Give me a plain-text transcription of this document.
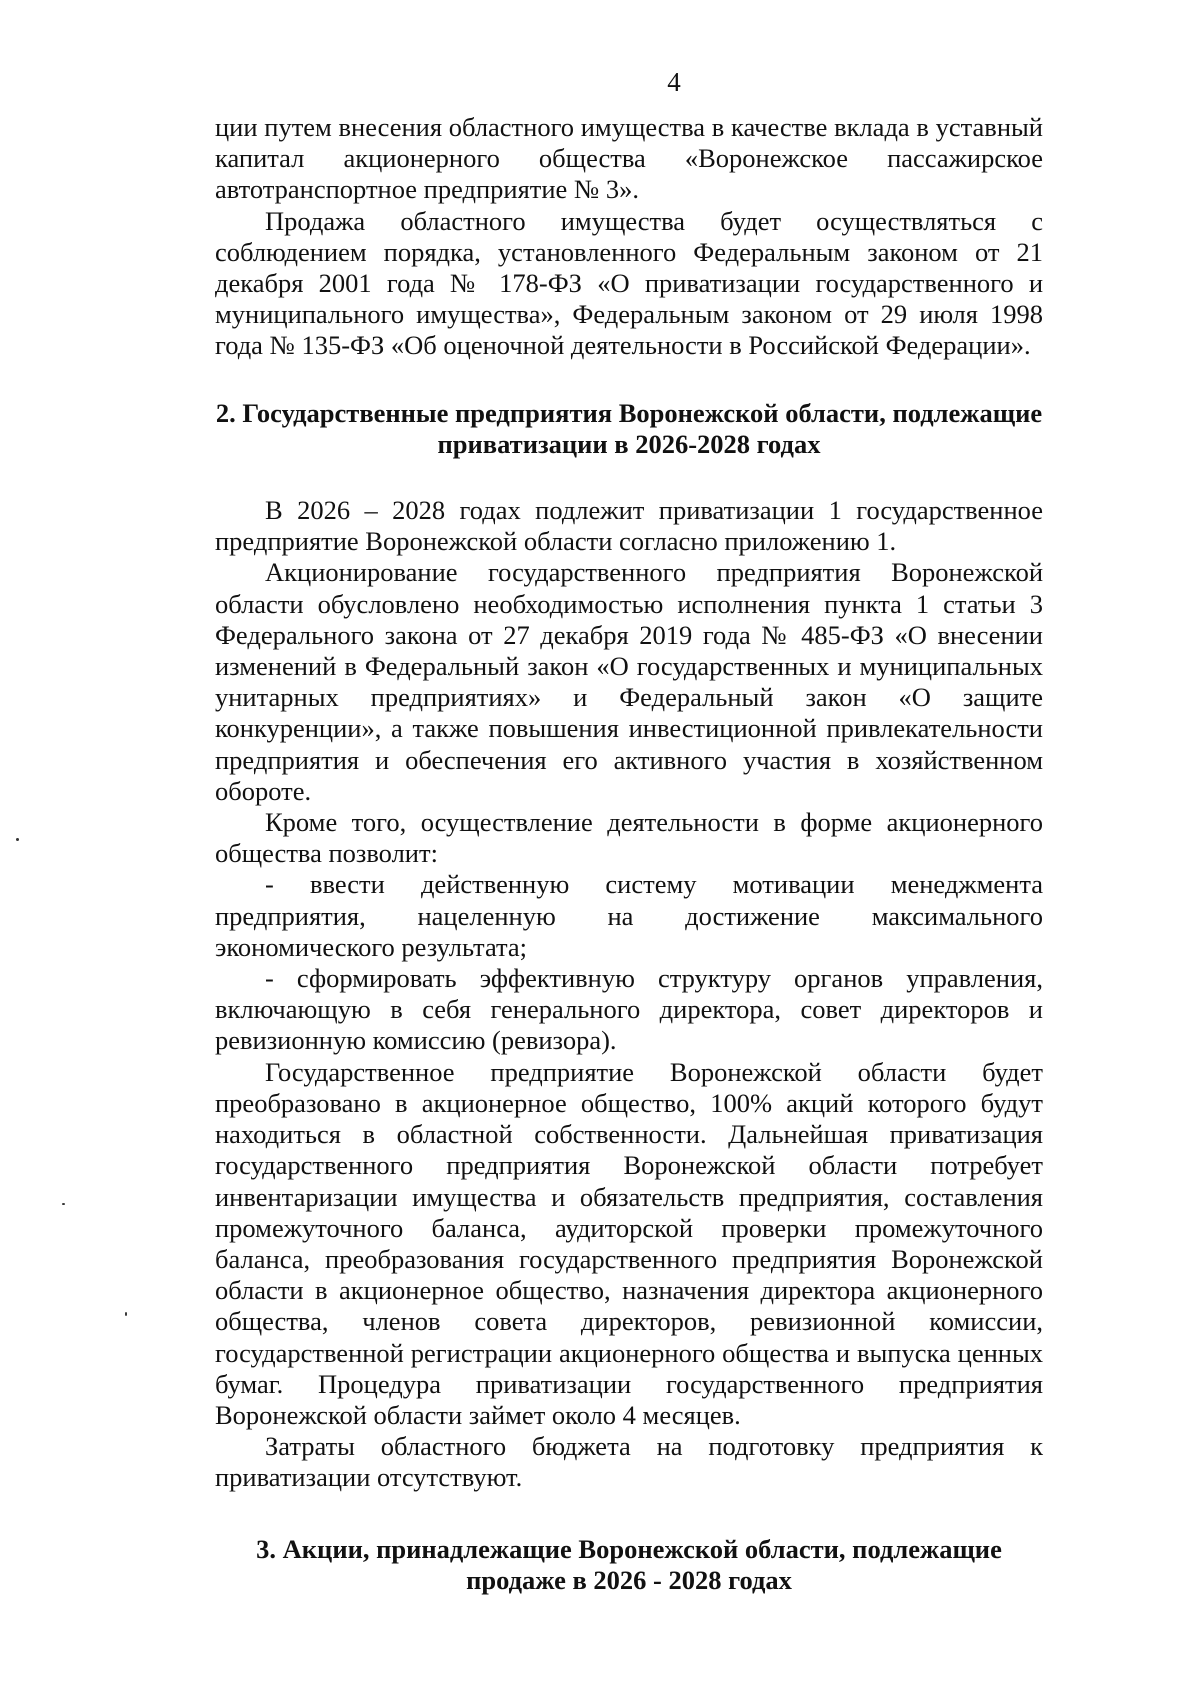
4

ции путем внесения областного имущества в качестве вклада в уставный капитал акционерного общества «Воронежское пассажирское автотранспортное предприятие № 3».

Продажа областного имущества будет осуществляться с соблюдением порядка, установленного Федеральным законом от 21 декабря 2001 года № 178-ФЗ «О приватизации государственного и муниципального имущества», Федеральным законом от 29 июля 1998 года № 135-ФЗ «Об оценочной деятельности в Российской Федерации».

2. Государственные предприятия Воронежской области, подлежащие приватизации в 2026-2028 годах

В 2026 – 2028 годах подлежит приватизации 1 государственное предприятие Воронежской области согласно приложению 1.

Акционирование государственного предприятия Воронежской области обусловлено необходимостью исполнения пункта 1 статьи 3 Федерального закона от 27 декабря 2019 года № 485-ФЗ «О внесении изменений в Федеральный закон «О государственных и муниципальных унитарных предприятиях» и Федеральный закон «О защите конкуренции», а также повышения инвестиционной привлекательности предприятия и обеспечения его активного участия в хозяйственном обороте.

Кроме того, осуществление деятельности в форме акционерного общества позволит:

- ввести действенную систему мотивации менеджмента предприятия, нацеленную на достижение максимального экономического результата;

- сформировать эффективную структуру органов управления, включающую в себя генерального директора, совет директоров и ревизионную комиссию (ревизора).

Государственное предприятие Воронежской области будет преобразовано в акционерное общество, 100% акций которого будут находиться в областной собственности. Дальнейшая приватизация государственного предприятия Воронежской области потребует инвентаризации имущества и обязательств предприятия, составления промежуточного баланса, аудиторской проверки промежуточного баланса, преобразования государственного предприятия Воронежской области в акционерное общество, назначения директора акционерного общества, членов совета директоров, ревизионной комиссии, государственной регистрации акционерного общества и выпуска ценных бумаг. Процедура приватизации государственного предприятия Воронежской области займет около 4 месяцев.

Затраты областного бюджета на подготовку предприятия к приватизации отсутствуют.

3. Акции, принадлежащие Воронежской области, подлежащие продаже в 2026 - 2028 годах
